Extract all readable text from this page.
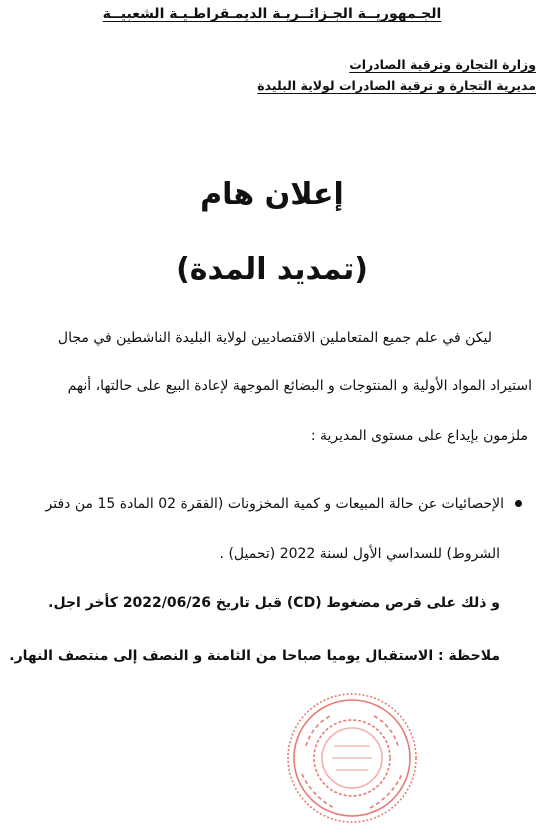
الجـمهوريــة الجـزائــريـة الديمـقراطـيـة الشعبيــة
وزارة التجارة وترقية الصادرات
مديرية التجارة و ترقية الصادرات لولاية البليدة
إعلان هام
(تمديد المدة)
ليكن في علم جميع المتعاملين الاقتصاديين لولاية البليدة الناشطين في مجال
استيراد المواد الأولية و المنتوجات و البضائع الموجهة لإعادة البيع على حالتها، أنهم
ملزمون بإيداع على مستوى المديرية :
الإحصائيات عن حالة المبيعات و كمية المخزونات (الفقرة 02 المادة 15 من دفتر
الشروط) للسداسي الأول لسنة 2022 (تحميل) .
و ذلك على قرص مضغوط (CD) قبل تاريخ 2022/06/26 كأخر اجل.
ملاحظة : الاستقبال يوميا صباحا من الثامنة و النصف إلى منتصف النهار.
